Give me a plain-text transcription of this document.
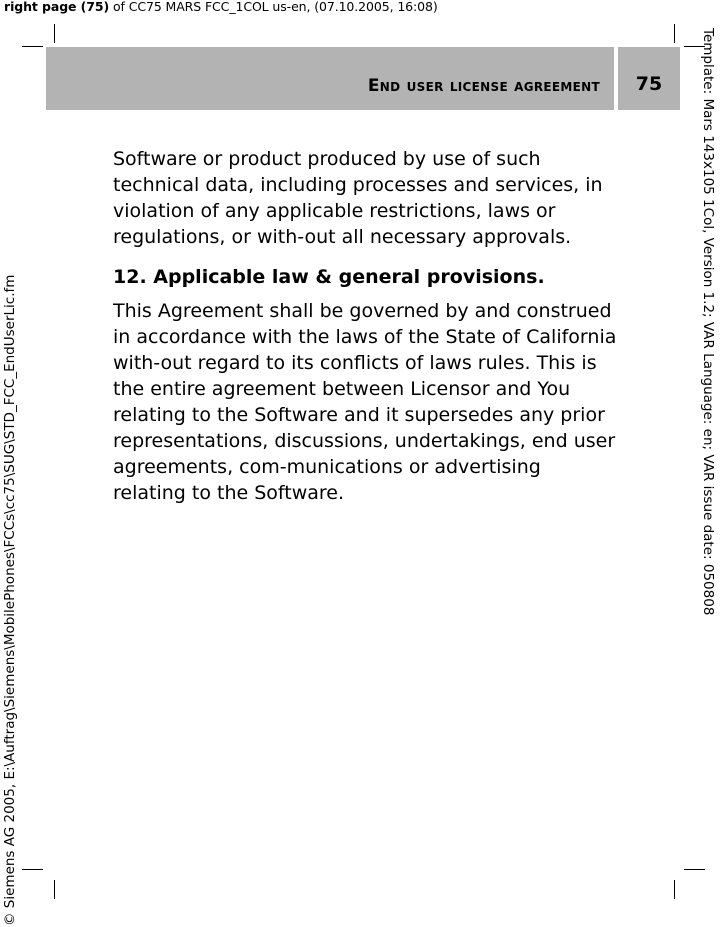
right page (75) of CC75 MARS FCC_1COL us-en, (07.10.2005, 16:08)
End user license agreement	75

Software or product produced by use of such technical data, including processes and services, in violation of any applicable restrictions, laws or regulations, or with-out all necessary approvals.

12. Applicable law & general provisions.

This Agreement shall be governed by and construed in accordance with the laws of the State of California with-out regard to its conflicts of laws rules. This is the entire agreement between Licensor and You relating to the Software and it supersedes any prior representations, discussions, undertakings, end user agreements, com-munications or advertising relating to the Software.	Template: Mars 143x105 1Col, Version 1.2; VAR Language: en; VAR issue date: 050808
© Siemens AG 2005, E:\Auftrag\Siemens\MobilePhones\FCCs\cc75\SUG\STD_FCC_EndUserLic.fm
